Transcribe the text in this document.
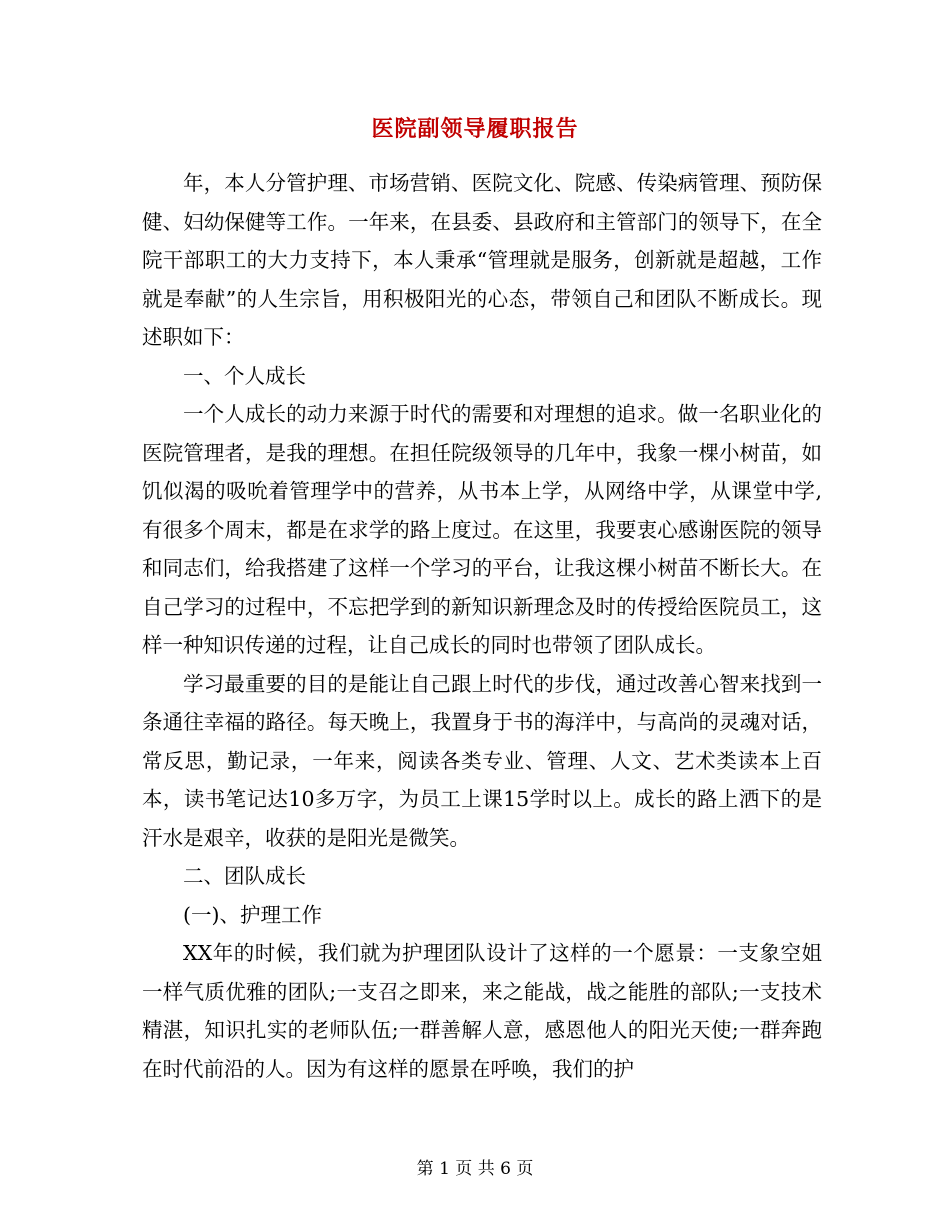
医院副领导履职报告

年，本人分管护理、市场营销、医院文化、院感、传染病管理、预防保健、妇幼保健等工作。一年来，在县委、县政府和主管部门的领导下，在全院干部职工的大力支持下，本人秉承“管理就是服务，创新就是超越，工作就是奉献”的人生宗旨，用积极阳光的心态，带领自己和团队不断成长。现述职如下：

一、个人成长

一个人成长的动力来源于时代的需要和对理想的追求。做一名职业化的医院管理者，是我的理想。在担任院级领导的几年中，我象一棵小树苗，如饥似渴的吸吮着管理学中的营养，从书本上学，从网络中学，从课堂中学,有很多个周末，都是在求学的路上度过。在这里，我要衷心感谢医院的领导和同志们，给我搭建了这样一个学习的平台，让我这棵小树苗不断长大。在自己学习的过程中，不忘把学到的新知识新理念及时的传授给医院员工，这样一种知识传递的过程，让自己成长的同时也带领了团队成长。

学习最重要的目的是能让自己跟上时代的步伐，通过改善心智来找到一条通往幸福的路径。每天晚上，我置身于书的海洋中，与高尚的灵魂对话，常反思，勤记录，一年来，阅读各类专业、管理、人文、艺术类读本上百本，读书笔记达10多万字，为员工上课15学时以上。成长的路上洒下的是汗水是艰辛，收获的是阳光是微笑。

二、团队成长

(一)、护理工作

XX年的时候，我们就为护理团队设计了这样的一个愿景：一支象空姐一样气质优雅的团队;一支召之即来，来之能战，战之能胜的部队;一支技术精湛，知识扎实的老师队伍;一群善解人意，感恩他人的阳光天使;一群奔跑在时代前沿的人。因为有这样的愿景在呼唤，我们的护

第 1 页 共 6 页
